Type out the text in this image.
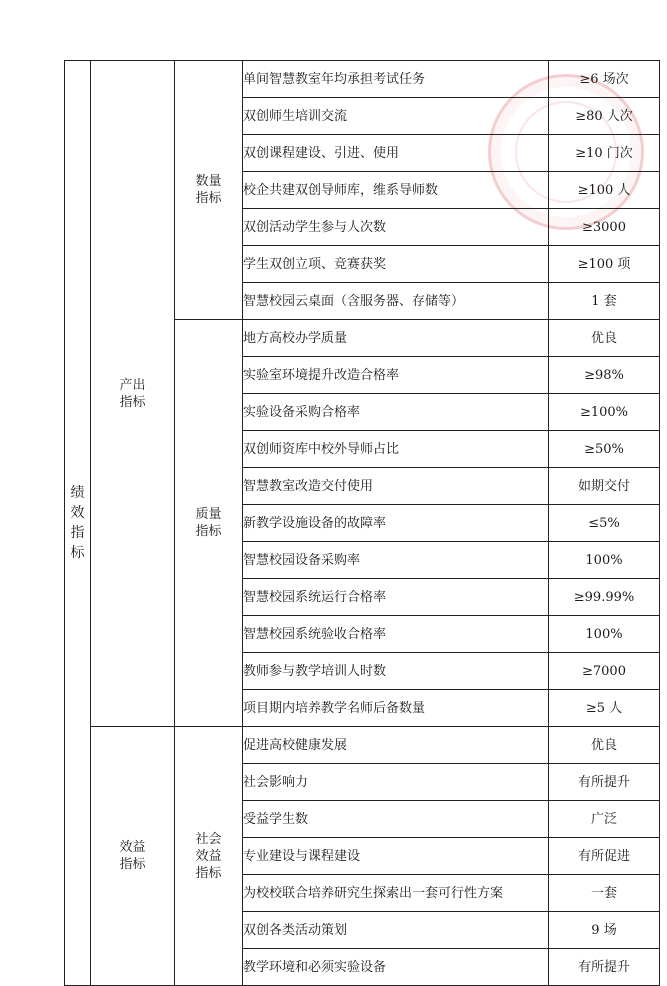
绩效指标	产出指标	数量指标	单间智慧教室年均承担考试任务	≥6 场次
			双创师生培训交流	≥80 人次
			双创课程建设、引进、使用	≥10 门次
			校企共建双创导师库，维系导师数	≥100 人
			双创活动学生参与人次数	≥3000
			学生双创立项、竞赛获奖	≥100 项
			智慧校园云桌面（含服务器、存储等）	1 套
		质量指标	地方高校办学质量	优良
			实验室环境提升改造合格率	≥98%
			实验设备采购合格率	≥100%
			双创师资库中校外导师占比	≥50%
			智慧教室改造交付使用	如期交付
			新教学设施设备的故障率	≤5%
			智慧校园设备采购率	100%
			智慧校园系统运行合格率	≥99.99%
			智慧校园系统验收合格率	100%
			教师参与教学培训人时数	≥7000
			项目期内培养教学名师后备数量	≥5 人
	效益指标	社会效益指标	促进高校健康发展	优良
			社会影响力	有所提升
			受益学生数	广泛
			专业建设与课程建设	有所促进
			为校校联合培养研究生探索出一套可行性方案	一套
			双创各类活动策划	9 场
			教学环境和必须实验设备	有所提升
